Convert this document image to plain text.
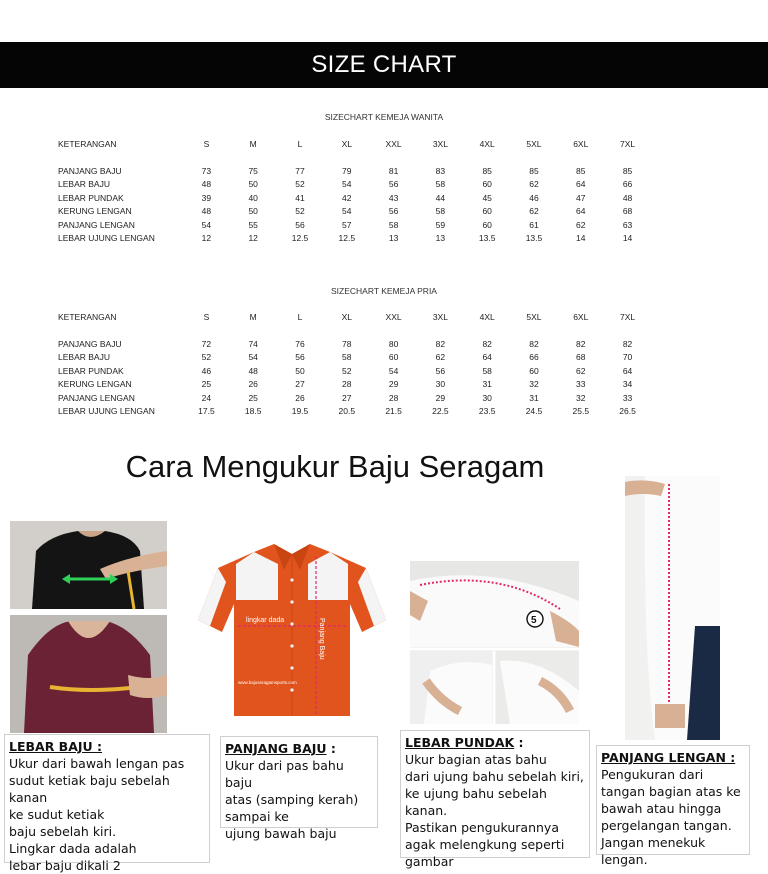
SIZE CHART
SIZECHART KEMEJA WANITA
KETERANGAN	S	M	L	XL	XXL	3XL	4XL	5XL	6XL	7XL

PANJANG BAJU	73	75	77	79	81	83	85	85	85	85
LEBAR BAJU	48	50	52	54	56	58	60	62	64	66
LEBAR PUNDAK	39	40	41	42	43	44	45	46	47	48
KERUNG LENGAN	48	50	52	54	56	58	60	62	64	68
PANJANG LENGAN	54	55	56	57	58	59	60	61	62	63
LEBAR UJUNG LENGAN	12	12	12.5	12.5	13	13	13.5	13.5	14	14
SIZECHART KEMEJA PRIA
KETERANGAN	S	M	L	XL	XXL	3XL	4XL	5XL	6XL	7XL

PANJANG BAJU	72	74	76	78	80	82	82	82	82	82
LEBAR BAJU	52	54	56	58	60	62	64	66	68	70
LEBAR PUNDAK	46	48	50	52	54	56	58	60	62	64
KERUNG LENGAN	25	26	27	28	29	30	31	32	33	34
PANJANG LENGAN	24	25	26	27	28	29	30	31	32	33
LEBAR UJUNG LENGAN	17.5	18.5	19.5	20.5	21.5	22.5	23.5	24.5	25.5	26.5
Cara Mengukur Baju Seragam
lingkar dada	Panjang Baju
www.bajuseragamsports.com
5
LEBAR BAJU :
Ukur dari bawah lengan pas
sudut ketiak baju sebelah kanan
ke sudut ketiak
baju sebelah kiri.
Lingkar dada adalah
lebar baju dikali 2
PANJANG BAJU :
Ukur dari pas bahu baju
atas (samping kerah)
sampai ke
ujung bawah baju
LEBAR PUNDAK :
Ukur bagian atas bahu
dari ujung bahu sebelah kiri,
ke ujung bahu sebelah kanan.
Pastikan pengukurannya
agak melengkung seperti
gambar
PANJANG LENGAN :
Pengukuran dari
tangan bagian atas ke
bawah atau hingga
pergelangan tangan.
Jangan menekuk lengan.
